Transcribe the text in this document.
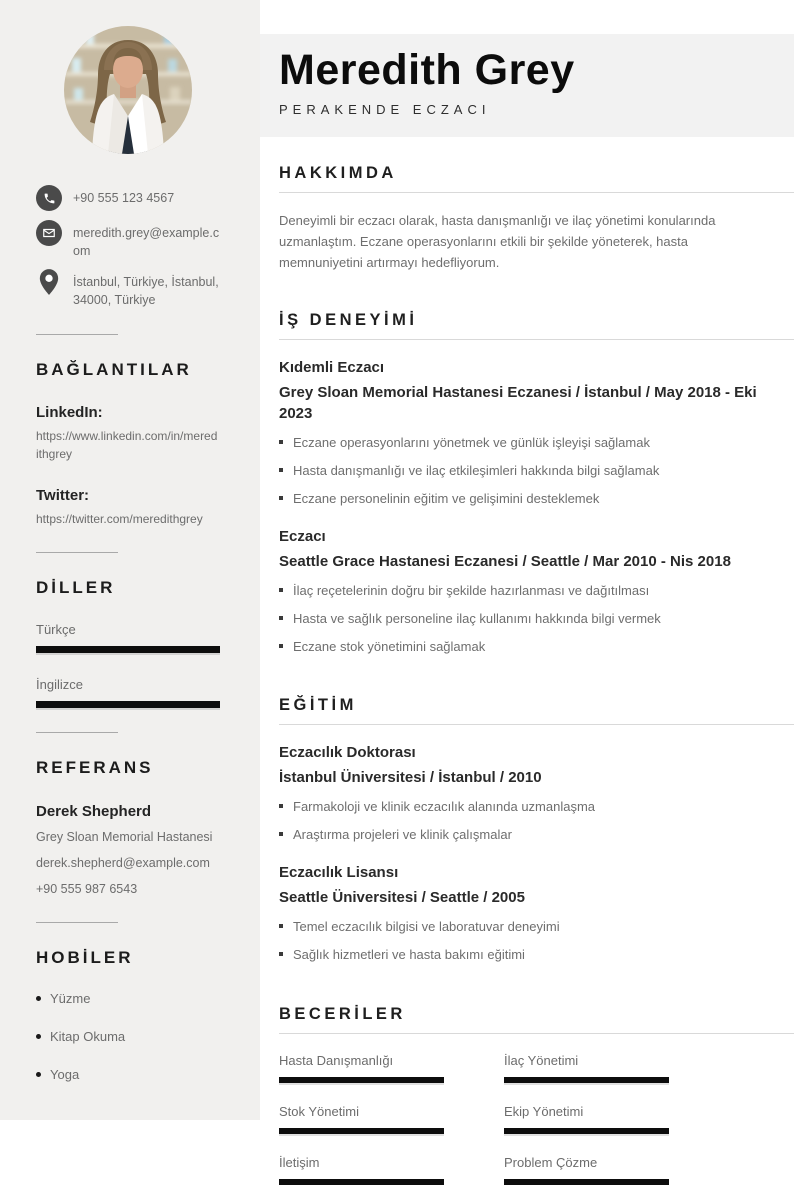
+90 555 123 4567
meredith.grey@example.com
İstanbul, Türkiye, İstanbul, 34000, Türkiye
BAĞLANTILAR
LinkedIn:
https://www.linkedin.com/in/meredithgrey
Twitter:
https://twitter.com/meredithgrey
DİLLER
Türkçe
İngilizce
REFERANS
Derek Shepherd
Grey Sloan Memorial Hastanesi
derek.shepherd@example.com
+90 555 987 6543
HOBİLER
Yüzme
Kitap Okuma
Yoga
Meredith Grey
PERAKENDE ECZACI
HAKKIMDA

Deneyimli bir eczacı olarak, hasta danışmanlığı ve ilaç yönetimi konularında uzmanlaştım. Eczane operasyonlarını etkili bir şekilde yöneterek, hasta memnuniyetini artırmayı hedefliyorum.

İŞ DENEYİMİ
Kıdemli Eczacı
Grey Sloan Memorial Hastanesi Eczanesi / İstanbul / May 2018 - Eki 2023
Eczane operasyonlarını yönetmek ve günlük işleyişi sağlamak
Hasta danışmanlığı ve ilaç etkileşimleri hakkında bilgi sağlamak
Eczane personelinin eğitim ve gelişimini desteklemek
Eczacı
Seattle Grace Hastanesi Eczanesi / Seattle / Mar 2010 - Nis 2018
İlaç reçetelerinin doğru bir şekilde hazırlanması ve dağıtılması
Hasta ve sağlık personeline ilaç kullanımı hakkında bilgi vermek
Eczane stok yönetimini sağlamak
EĞİTİM
Eczacılık Doktorası
İstanbul Üniversitesi / İstanbul / 2010
Farmakoloji ve klinik eczacılık alanında uzmanlaşma
Araştırma projeleri ve klinik çalışmalar
Eczacılık Lisansı
Seattle Üniversitesi / Seattle / 2005
Temel eczacılık bilgisi ve laboratuvar deneyimi
Sağlık hizmetleri ve hasta bakımı eğitimi
BECERİLER
Hasta Danışmanlığı	İlaç Yönetimi
Stok Yönetimi	Ekip Yönetimi
İletişim	Problem Çözme
